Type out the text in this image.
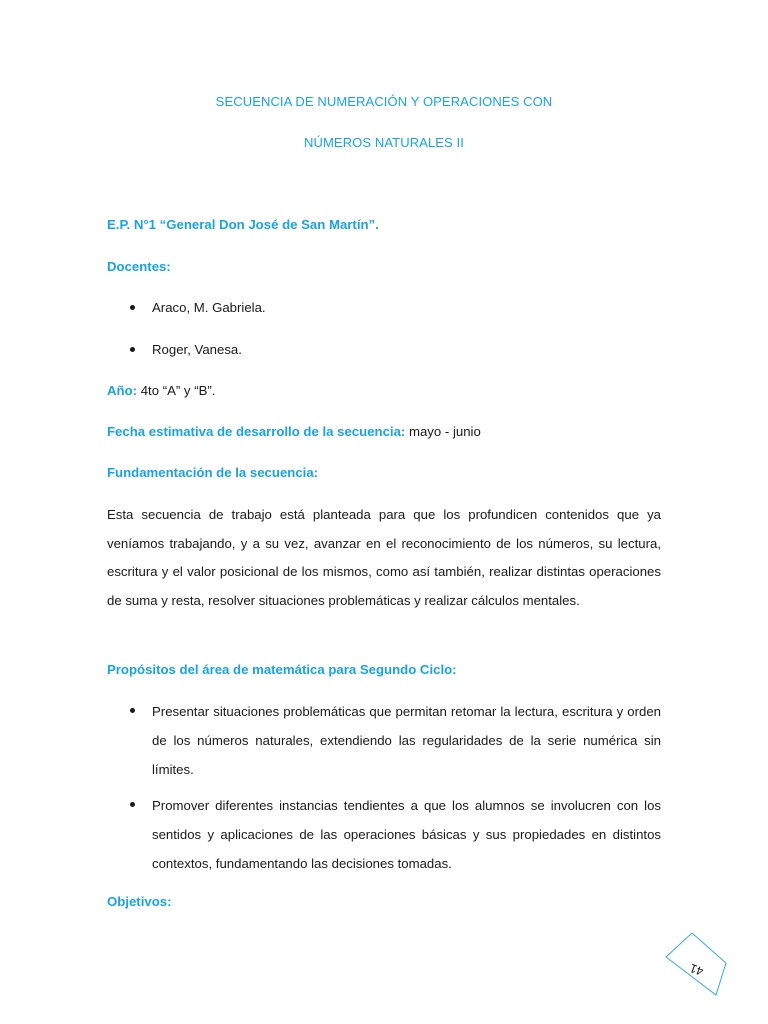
SECUENCIA DE NUMERACIÓN Y OPERACIONES CON
NÚMEROS NATURALES II
E.P. N°1 “General Don José de San Martín”.
Docentes:
Araco, M. Gabriela.
Roger, Vanesa.
Año: 4to “A” y “B”.
Fecha estimativa de desarrollo de la secuencia: mayo - junio
Fundamentación de la secuencia:
Esta secuencia de trabajo está planteada para que los profundicen contenidos que ya veníamos trabajando, y a su vez, avanzar en el reconocimiento de los números, su lectura, escritura y el valor posicional de los mismos, como así también, realizar distintas operaciones de suma y resta, resolver situaciones problemáticas y realizar cálculos mentales.
Propósitos del área de matemática para Segundo Ciclo:
Presentar situaciones problemáticas que permitan retomar la lectura, escritura y orden de los números naturales, extendiendo las regularidades de la serie numérica sin límites.
Promover diferentes instancias tendientes a que los alumnos se involucren con los sentidos y aplicaciones de las operaciones básicas y sus propiedades en distintos contextos, fundamentando las decisiones tomadas.
Objetivos:
41
